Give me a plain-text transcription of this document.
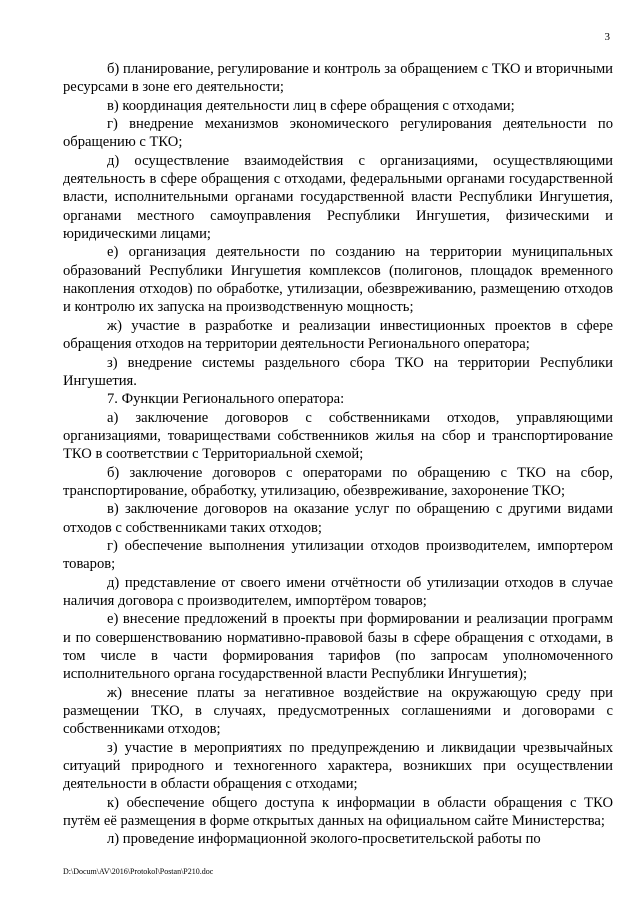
3

б) планирование, регулирование и контроль за обращением с ТКО и вторичными ресурсами в зоне его деятельности;

в) координация деятельности лиц в сфере обращения с отходами;

г) внедрение механизмов экономического регулирования деятельности по обращению с ТКО;

д) осуществление взаимодействия с организациями, осуществляющими деятельность в сфере обращения с отходами, федеральными органами государственной власти, исполнительными органами государственной власти Республики Ингушетия, органами местного самоуправления Республики Ингушетия, физическими и юридическими лицами;

е) организация деятельности по созданию на территории муниципальных образований Республики Ингушетия комплексов (полигонов, площадок временного накопления отходов) по обработке, утилизации, обезвреживанию, размещению отходов и контролю их запуска на производственную мощность;

ж) участие в разработке и реализации инвестиционных проектов в сфере обращения отходов на территории деятельности Регионального оператора;

з) внедрение системы раздельного сбора ТКО на территории Республики Ингушетия.

7. Функции Регионального оператора:

а) заключение договоров с собственниками отходов, управляющими организациями, товариществами собственников жилья на сбор и транспортирование ТКО в соответствии с Территориальной схемой;

б) заключение договоров с операторами по обращению с ТКО на сбор, транспортирование, обработку, утилизацию, обезвреживание, захоронение ТКО;

в) заключение договоров на оказание услуг по обращению с другими видами отходов с собственниками таких отходов;

г) обеспечение выполнения утилизации отходов производителем, импортером товаров;

д) представление от своего имени отчётности об утилизации отходов в случае наличия договора с производителем, импортёром товаров;

е) внесение предложений в проекты при формировании и реализации программ и по совершенствованию нормативно-правовой базы в сфере обращения с отходами, в том числе в части формирования тарифов (по запросам уполномоченного исполнительного органа государственной власти Республики Ингушетия);

ж) внесение платы за негативное воздействие на окружающую среду при размещении ТКО, в случаях, предусмотренных соглашениями и договорами с собственниками отходов;

з) участие в мероприятиях по предупреждению и ликвидации чрезвычайных ситуаций природного и техногенного характера, возникших при осуществлении деятельности в области обращения с отходами;

к) обеспечение общего доступа к информации в области обращения с ТКО путём её размещения в форме открытых данных на официальном сайте Министерства;

л) проведение информационной эколого-просветительской работы по

D:\Docum\AV\2016\Protokol\Postan\P210.doc
